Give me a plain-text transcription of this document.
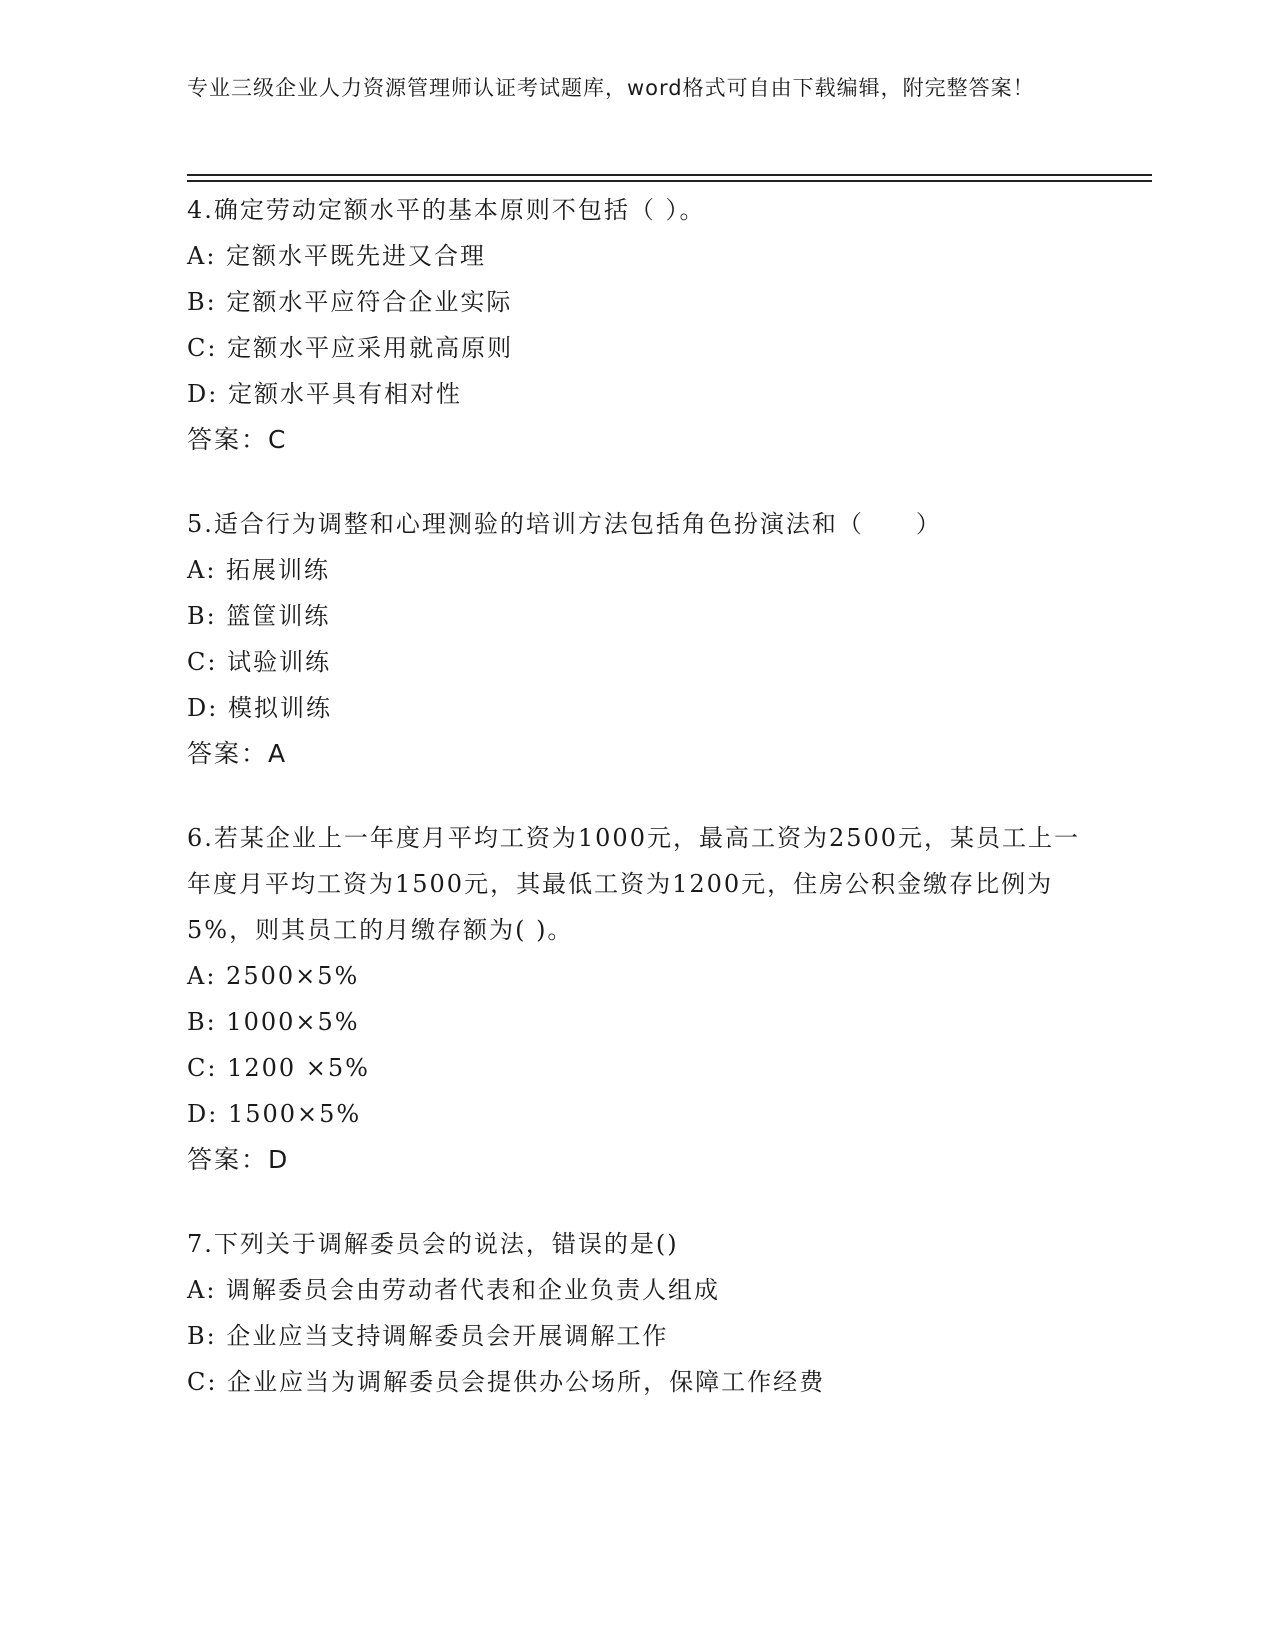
专业三级企业人力资源管理师认证考试题库，word格式可自由下载编辑，附完整答案！

4.确定劳动定额水平的基本原则不包括（ ）。

A: 定额水平既先进又合理

B: 定额水平应符合企业实际

C: 定额水平应采用就高原则

D: 定额水平具有相对性

答案：C

5.适合行为调整和心理测验的培训方法包括角色扮演法和（　　）

A: 拓展训练

B: 篮筐训练

C: 试验训练

D: 模拟训练

答案：A

6.若某企业上一年度月平均工资为1000元，最高工资为2500元，某员工上一年度月平均工资为1500元，其最低工资为1200元，住房公积金缴存比例为5%，则其员工的月缴存额为( )。

A: 2500×5%

B: 1000×5%

C: 1200 ×5%

D: 1500×5%

答案：D

7.下列关于调解委员会的说法，错误的是()

A: 调解委员会由劳动者代表和企业负责人组成

B: 企业应当支持调解委员会开展调解工作

C: 企业应当为调解委员会提供办公场所，保障工作经费
